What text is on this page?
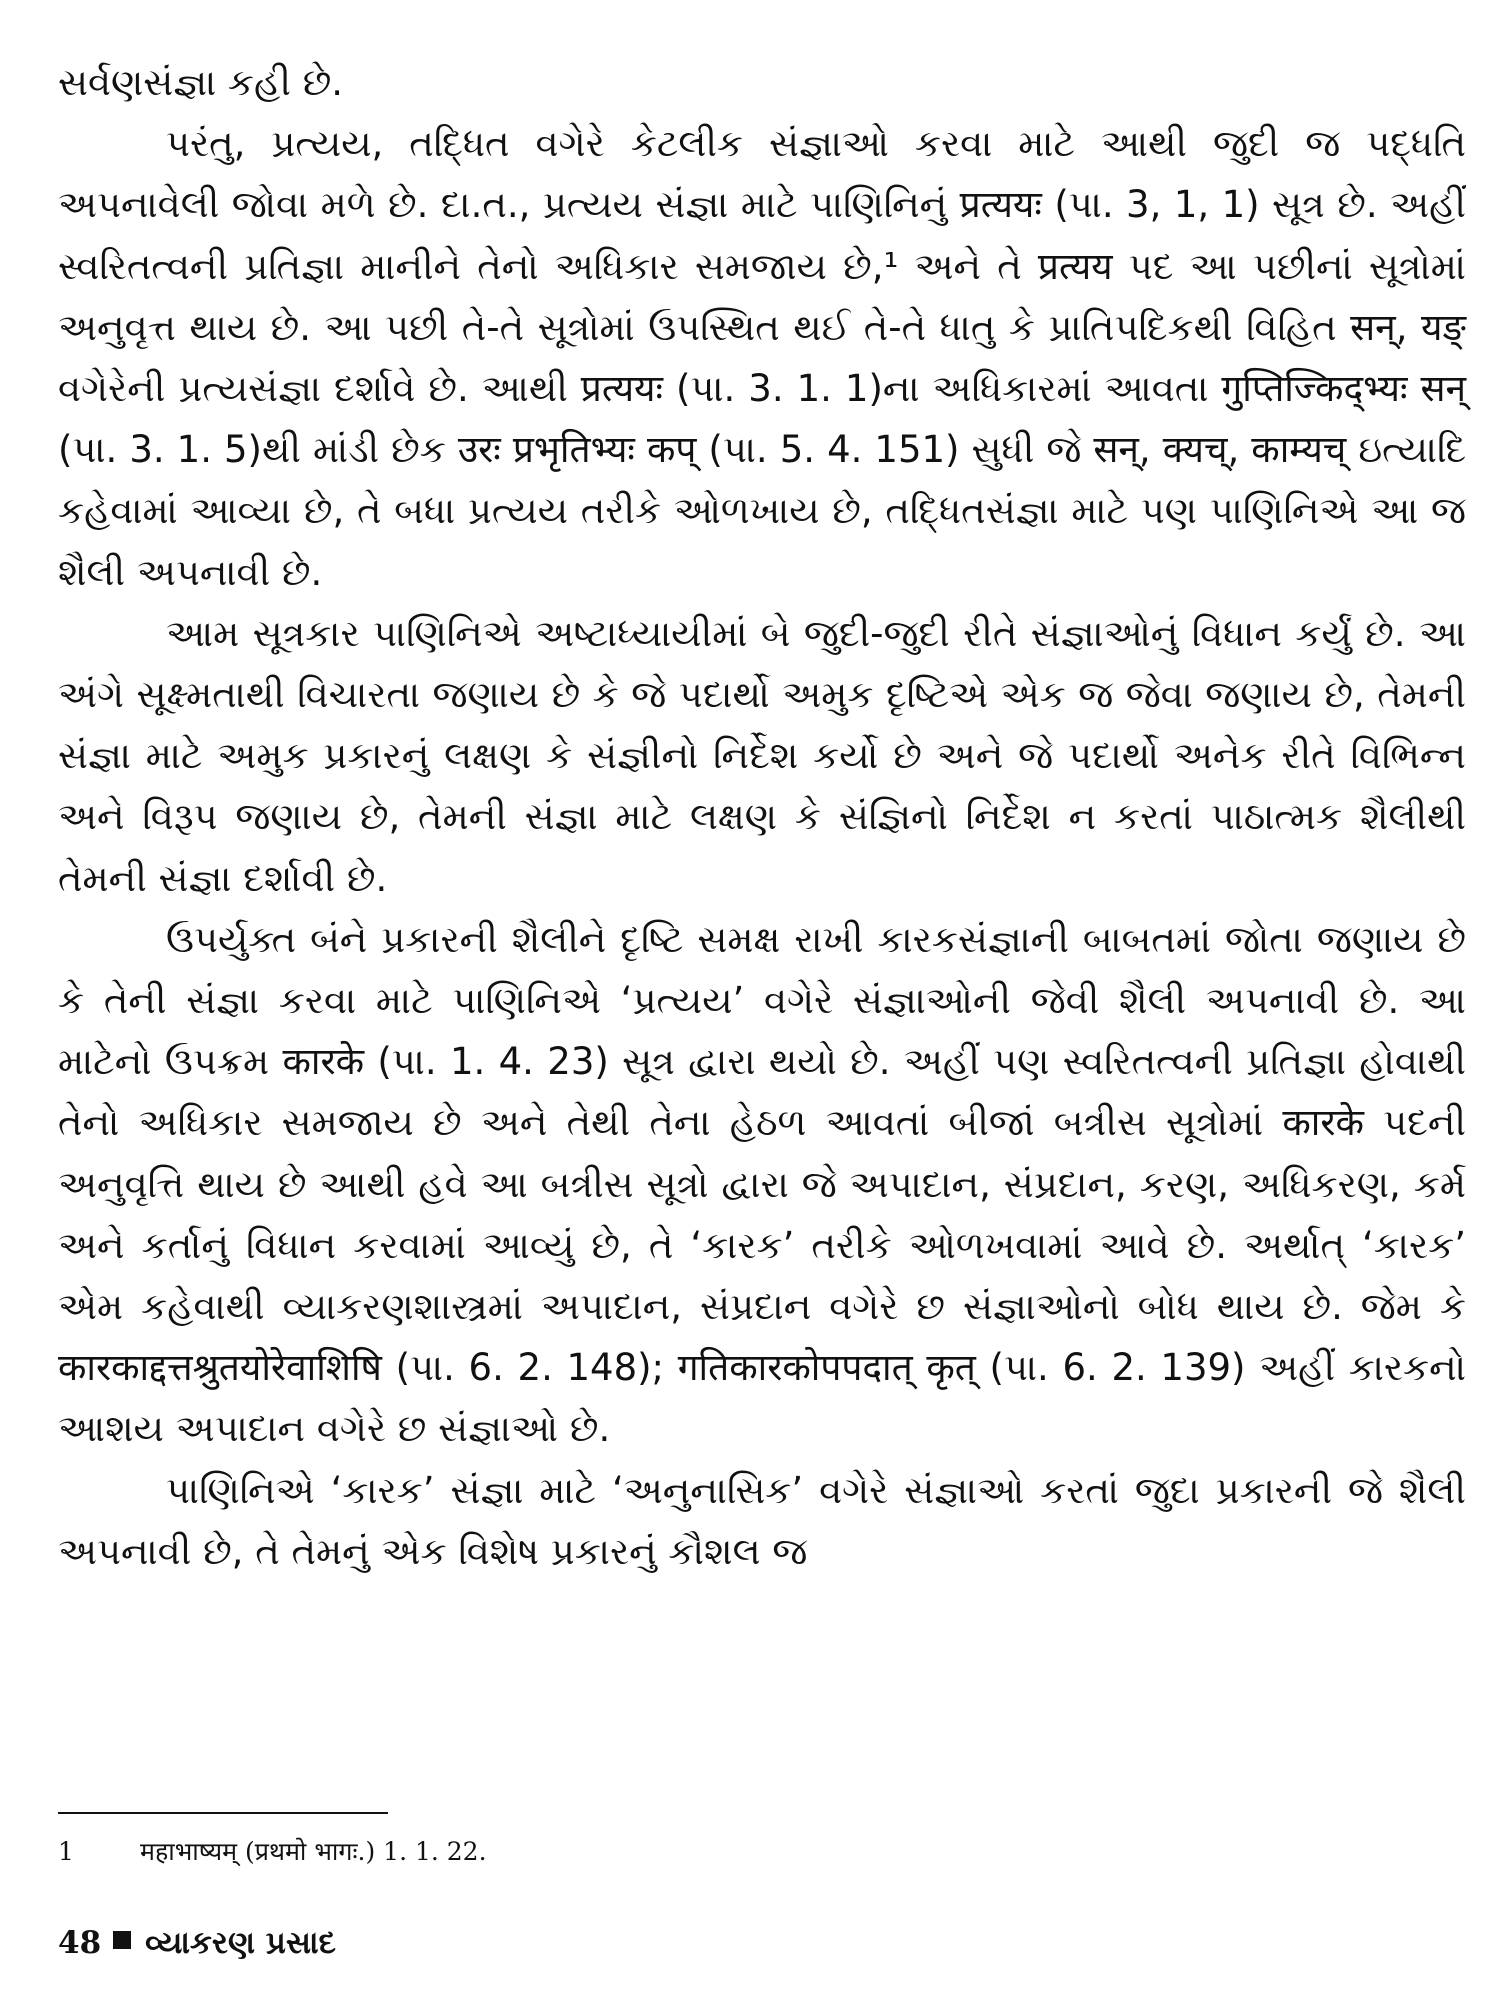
સર્વણસંજ્ઞા કહી છે.

પરંતુ, પ્રત્યય, તદ્ધિત વગેરે કેટલીક સંજ્ઞાઓ કરવા માટે આથી જુદી જ પદ્ધતિ અપનાવેલી જોવા મળે છે. દા.ત., પ્રત્યય સંજ્ઞા માટે પાણિનિનું प्रत्ययः (પા. 3, 1, 1) સૂત્ર છે. અહીં સ્વરિતત્વની પ્રતિજ્ઞા માનીને તેનો અધિકાર સમજાય છે,¹ અને તે प्रत्यय પદ આ પછીનાં સૂત્રોમાં અનુવૃત્ત થાય છે. આ પછી તે-તે સૂત્રોમાં ઉપસ્થિત થઈ તે-તે ધાતુ કે પ્રાતિપદિકથી વિહિત सन्, यङ् વગેરેની પ્રત્યસંજ્ઞા દર્શાવે છે. આથી प्रत्ययः (પા. 3. 1. 1)ના અધિકારમાં આવતા गुप्तिज्किद्भ्यः सन् (પા. 3. 1. 5)થી માંડી છેક उरः प्रभृतिभ्यः कप् (પા. 5. 4. 151) સુધી જે सन्, क्यच्, काम्यच् ઇત્યાદિ કહેવામાં આવ્યા છે, તે બધા પ્રત્યય તરીકે ઓળખાય છે, તદ્ધિતસંજ્ઞા માટે પણ પાણિનિએ આ જ શૈલી અપનાવી છે.

આમ સૂત્રકાર પાણિનિએ અષ્ટાધ્યાયીમાં બે જુદી-જુદી રીતે સંજ્ઞાઓનું વિધાન કર્યું છે. આ અંગે સૂક્ષ્મતાથી વિચારતા જણાય છે કે જે પદાર્થો અમુક દૃષ્ટિએ એક જ જેવા જણાય છે, તેમની સંજ્ઞા માટે અમુક પ્રકારનું લક્ષણ કે સંજ્ઞીનો નિર્દેશ કર્યો છે અને જે પદાર્થો અનેક રીતે વિભિન્ન અને વિરૂપ જણાય છે, તેમની સંજ્ઞા માટે લક્ષણ કે સંજ્ઞિનો નિર્દેશ ન કરતાં પાઠાત્મક શૈલીથી તેમની સંજ્ઞા દર્શાવી છે.

ઉપર્યુક્ત બંને પ્રકારની શૈલીને દૃષ્ટિ સમક્ષ રાખી કારકસંજ્ઞાની બાબતમાં જોતા જણાય છે કે તેની સંજ્ઞા કરવા માટે પાણિનિએ ‘પ્રત્યય’ વગેરે સંજ્ઞાઓની જેવી શૈલી અપનાવી છે. આ માટેનો ઉપક્રમ कारके (પા. 1. 4. 23) સૂત્ર દ્વારા થયો છે. અહીં પણ સ્વરિતત્વની પ્રતિજ્ઞા હોવાથી તેનો અધિકાર સમજાય છે અને તેથી તેના હેઠળ આવતાં બીજાં બત્રીસ સૂત્રોમાં कारके પદની અનુવૃત્તિ થાય છે આથી હવે આ બત્રીસ સૂત્રો દ્વારા જે અપાદાન, સંપ્રદાન, કરણ, અધિકરણ, કર્મ અને કર્તાનું વિધાન કરવામાં આવ્યું છે, તે ‘કારક’ તરીકે ઓળખવામાં આવે છે. અર્થાત્ ‘કારક’ એમ કહેવાથી વ્યાકરણશાસ્ત્રમાં અપાદાન, સંપ્રદાન વગેરે છ સંજ્ઞાઓનો બોધ થાય છે. જેમ કે कारकाद्दत्तश्रुतयोरेवाशिषि (પા. 6. 2. 148); गतिकारकोपपदात् कृत् (પા. 6. 2. 139) અહીં કારકનો આશય અપાદાન વગેરે છ સંજ્ઞાઓ છે.

પાણિનિએ ‘કારક’ સંજ્ઞા માટે ‘અનુનાસિક’ વગેરે સંજ્ઞાઓ કરતાં જુદા પ્રકારની જે શૈલી અપનાવી છે, તે તેમનું એક વિશેષ પ્રકારનું કૌશલ જ

1	महाभाष्यम् (प्रथमो भागः.) 1. 1. 22.
48 વ્યાકરણ પ્રસાદ
